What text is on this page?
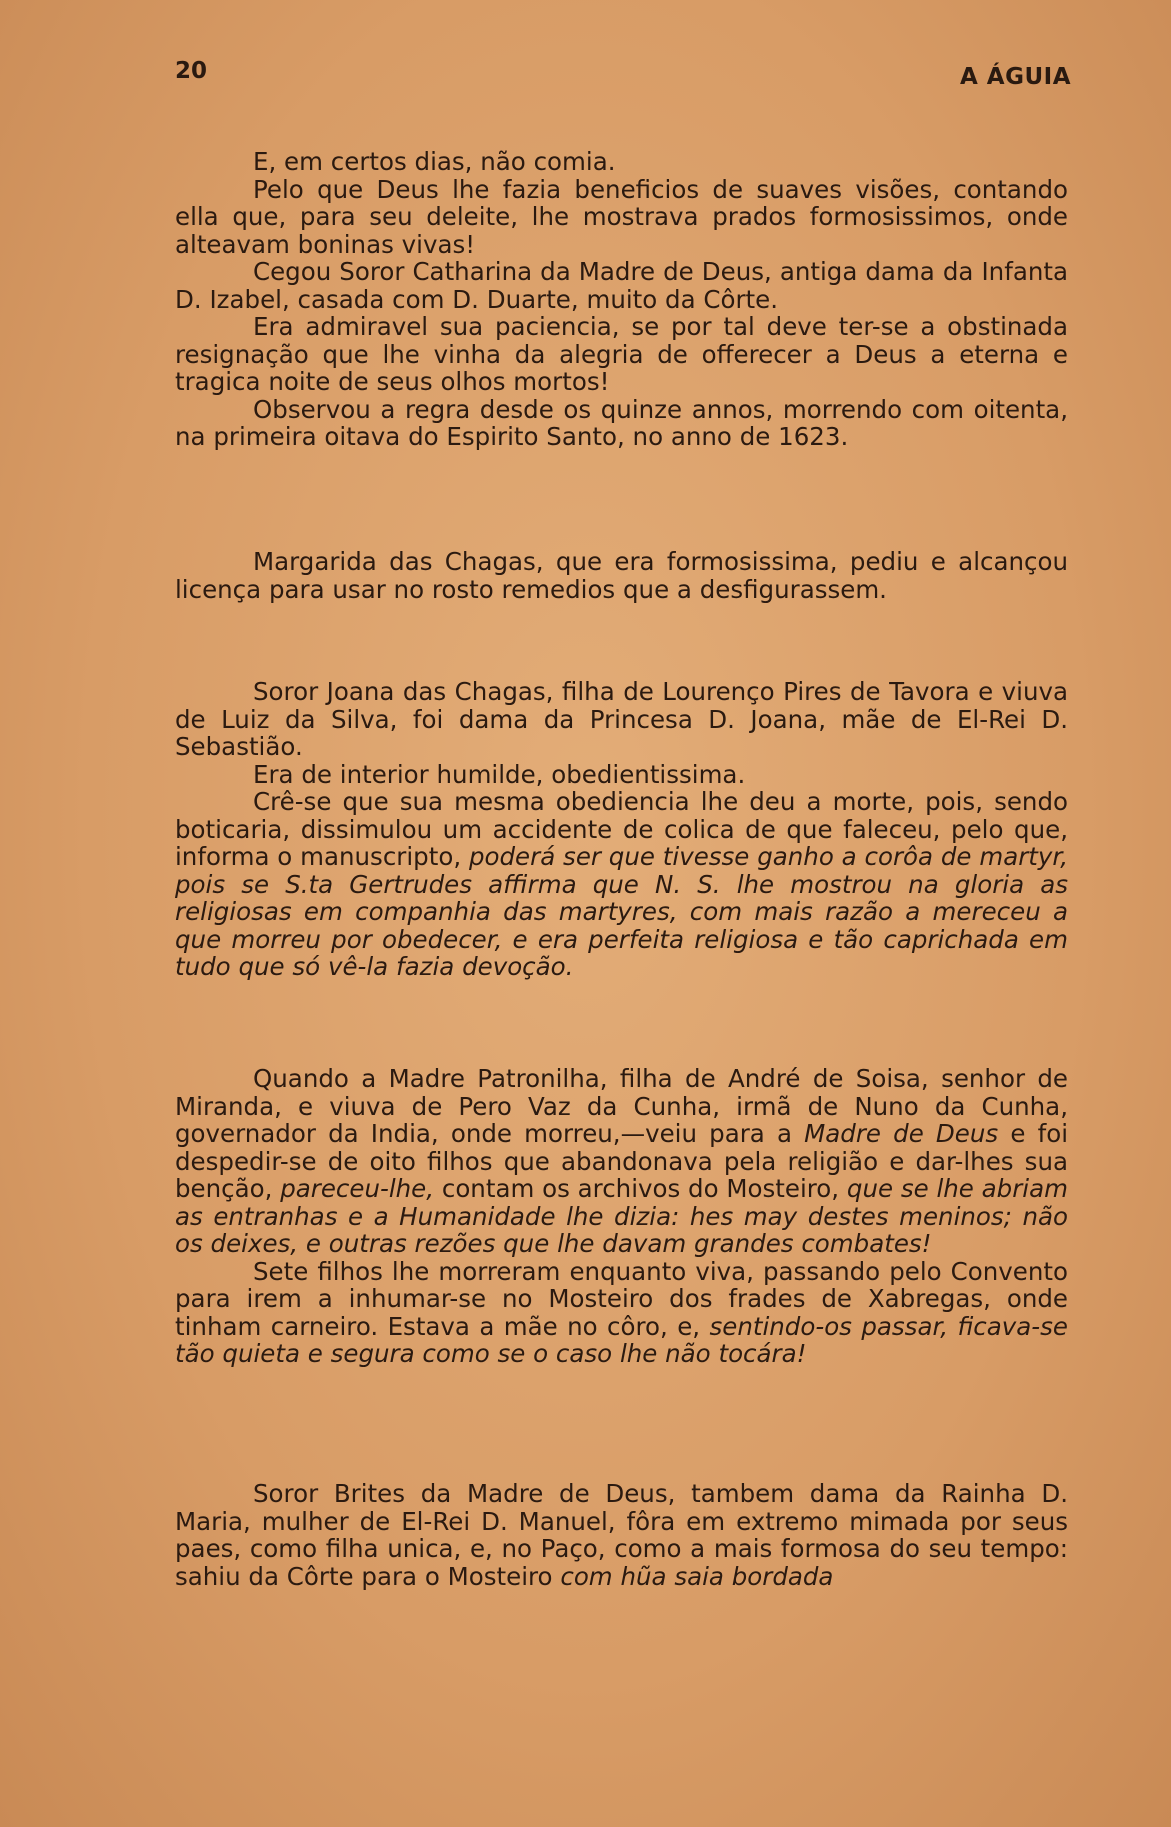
20	A ÁGUIA

E, em certos dias, não comia.

Pelo que Deus lhe fazia beneficios de suaves visões, contando ella que, para seu deleite, lhe mostrava prados formosissimos, onde alteavam boninas vivas!

Cegou Soror Catharina da Madre de Deus, antiga dama da Infanta D. Izabel, casada com D. Duarte, muito da Côrte.

Era admiravel sua paciencia, se por tal deve ter-se a obstinada resignação que lhe vinha da alegria de offerecer a Deus a eterna e tragica noite de seus olhos mortos!

Observou a regra desde os quinze annos, morrendo com oitenta, na primeira oitava do Espirito Santo, no anno de 1623.

Margarida das Chagas, que era formosissima, pediu e alcançou licença para usar no rosto remedios que a desfigurassem.

Soror Joana das Chagas, filha de Lourenço Pires de Tavora e viuva de Luiz da Silva, foi dama da Princesa D. Joana, mãe de El-Rei D. Sebastião.

Era de interior humilde, obedientissima.

Crê-se que sua mesma obediencia lhe deu a morte, pois, sendo boticaria, dissimulou um accidente de colica de que faleceu, pelo que, informa o manuscripto, poderá ser que tivesse ganho a corôa de martyr, pois se S.ta Gertrudes affirma que N. S. lhe mostrou na gloria as religiosas em companhia das martyres, com mais razão a mereceu a que morreu por obedecer, e era perfeita religiosa e tão caprichada em tudo que só vê-la fazia devoção.

Quando a Madre Patronilha, filha de André de Soisa, senhor de Miranda, e viuva de Pero Vaz da Cunha, irmã de Nuno da Cunha, governador da India, onde morreu,—veiu para a Madre de Deus e foi despedir-se de oito filhos que abandonava pela religião e dar-lhes sua benção, pareceu-lhe, contam os archivos do Mosteiro, que se lhe abriam as entranhas e a Humanidade lhe dizia: hes may destes meninos; não os deixes, e outras rezões que lhe davam grandes combates!

Sete filhos lhe morreram enquanto viva, passando pelo Convento para irem a inhumar-se no Mosteiro dos frades de Xabregas, onde tinham carneiro. Estava a mãe no côro, e, sentindo-os passar, ficava-se tão quieta e segura como se o caso lhe não tocára!

Soror Brites da Madre de Deus, tambem dama da Rainha D. Maria, mulher de El-Rei D. Manuel, fôra em extremo mimada por seus paes, como filha unica, e, no Paço, como a mais formosa do seu tempo: sahiu da Côrte para o Mosteiro com hũa saia bordada
